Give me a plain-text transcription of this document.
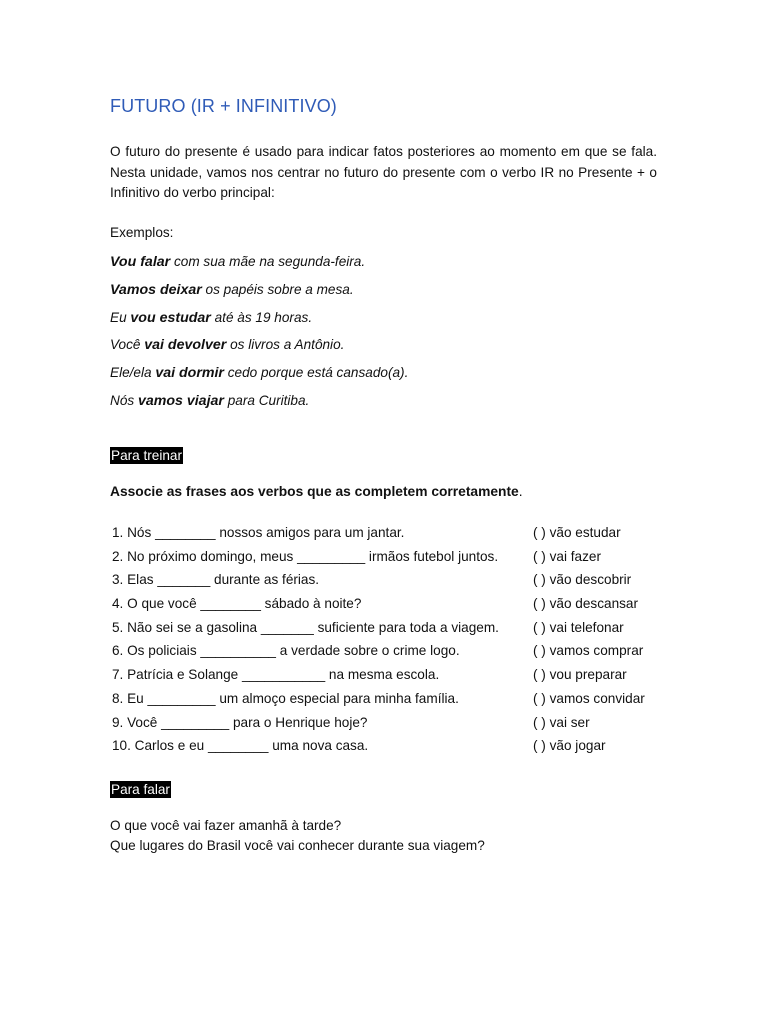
FUTURO (IR + INFINITIVO)

O futuro do presente é usado para indicar fatos posteriores ao momento em que se fala. Nesta unidade, vamos nos centrar no futuro do presente com o verbo IR no Presente + o Infinitivo do verbo principal:

Exemplos:
Vou falar com sua mãe na segunda-feira.
Vamos deixar os papéis sobre a mesa.
Eu vou estudar até às 19 horas.
Você vai devolver os livros a Antônio.
Ele/ela vai dormir cedo porque está cansado(a).
Nós vamos viajar para Curitiba.
Para treinar
Associe as frases aos verbos que as completem corretamente.
1. Nós ________ nossos amigos para um jantar.	( ) vão estudar
2. No próximo domingo, meus _________ irmãos futebol juntos.	( ) vai fazer
3. Elas _______ durante as férias.	( ) vão descobrir
4. O que você ________ sábado à noite?	( ) vão descansar
5. Não sei se a gasolina _______ suficiente para toda a viagem.	( ) vai telefonar
6. Os policiais __________ a verdade sobre o crime logo.	( ) vamos comprar
7. Patrícia e Solange ___________ na mesma escola.	( ) vou preparar
8. Eu _________ um almoço especial para minha família.	( ) vamos convidar
9. Você _________ para o Henrique hoje?	( ) vai ser
10. Carlos e eu ________ uma nova casa.	( ) vão jogar
Para falar
O que você vai fazer amanhã à tarde?
Que lugares do Brasil você vai conhecer durante sua viagem?
